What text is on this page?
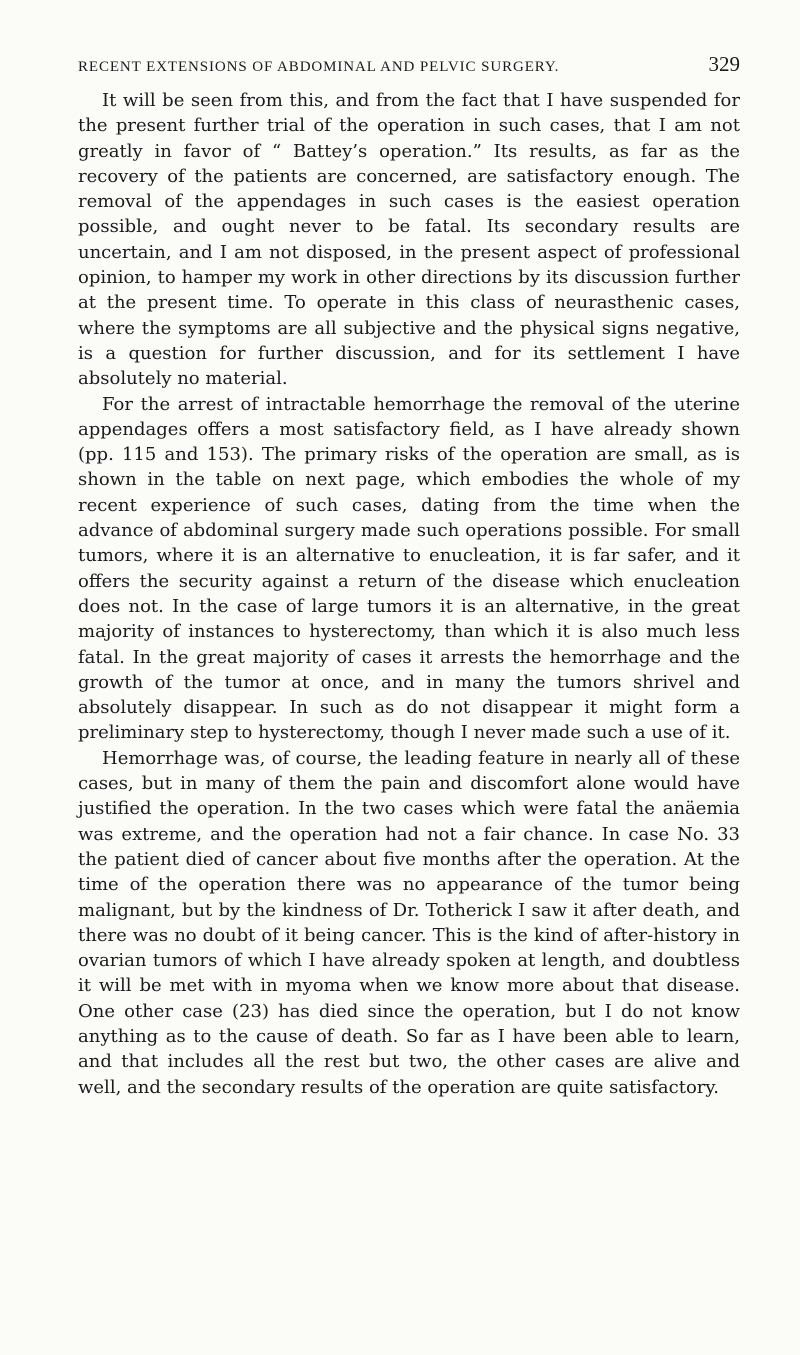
RECENT EXTENSIONS OF ABDOMINAL AND PELVIC SURGERY.	329

It will be seen from this, and from the fact that I have suspended for the present further trial of the operation in such cases, that I am not greatly in favor of “ Battey’s operation.” Its results, as far as the recovery of the patients are concerned, are satisfactory enough. The removal of the appendages in such cases is the easiest operation possible, and ought never to be fatal. Its secondary results are uncertain, and I am not disposed, in the present aspect of professional opinion, to hamper my work in other directions by its discussion further at the present time. To operate in this class of neurasthenic cases, where the symptoms are all subjective and the physical signs negative, is a question for further discussion, and for its settlement I have absolutely no material.

For the arrest of intractable hemorrhage the removal of the uterine appendages offers a most satisfactory field, as I have already shown (pp. 115 and 153). The primary risks of the operation are small, as is shown in the table on next page, which embodies the whole of my recent experience of such cases, dating from the time when the advance of abdominal surgery made such operations possible. For small tumors, where it is an alternative to enucleation, it is far safer, and it offers the security against a return of the disease which enucleation does not. In the case of large tumors it is an alternative, in the great majority of instances to hysterectomy, than which it is also much less fatal. In the great majority of cases it arrests the hemorrhage and the growth of the tumor at once, and in many the tumors shrivel and absolutely disappear. In such as do not disappear it might form a preliminary step to hysterectomy, though I never made such a use of it.

Hemorrhage was, of course, the leading feature in nearly all of these cases, but in many of them the pain and discomfort alone would have justified the operation. In the two cases which were fatal the anäemia was extreme, and the operation had not a fair chance. In case No. 33 the patient died of cancer about five months after the operation. At the time of the operation there was no appearance of the tumor being malignant, but by the kindness of Dr. Totherick I saw it after death, and there was no doubt of it being cancer. This is the kind of after-history in ovarian tumors of which I have already spoken at length, and doubtless it will be met with in myoma when we know more about that disease. One other case (23) has died since the operation, but I do not know anything as to the cause of death. So far as I have been able to learn, and that includes all the rest but two, the other cases are alive and well, and the secondary results of the operation are quite satisfactory.
